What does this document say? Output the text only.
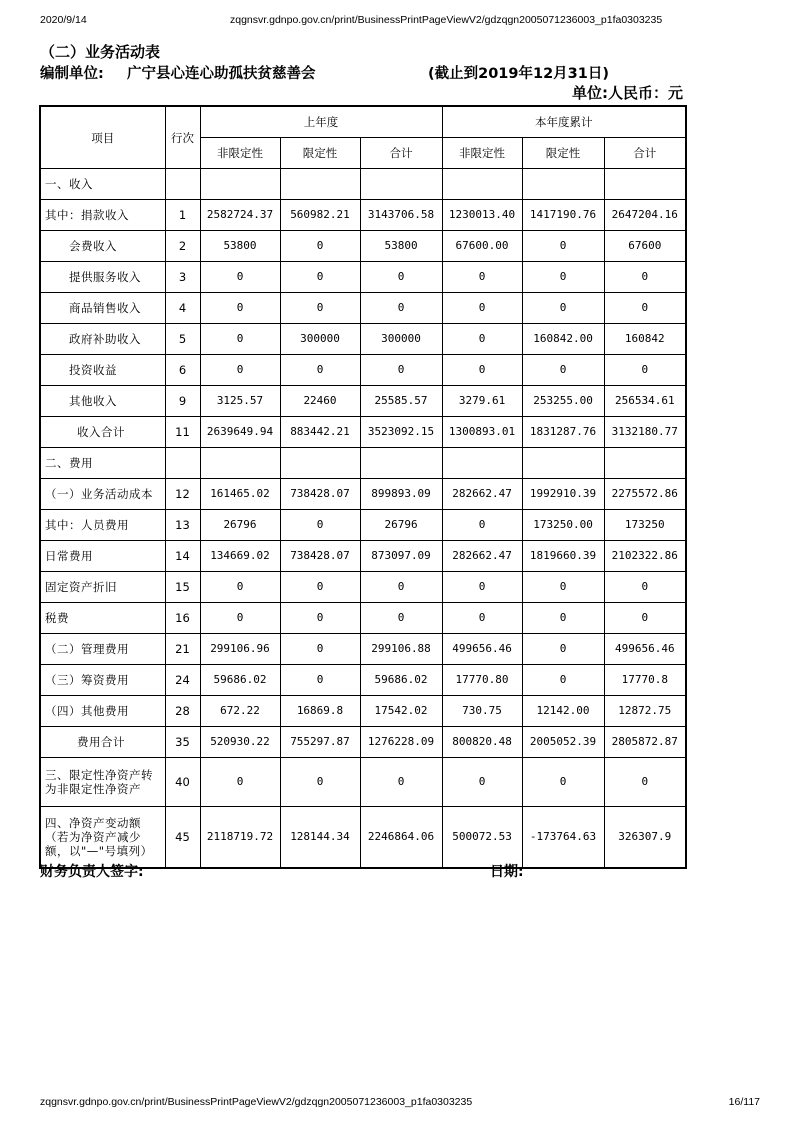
2020/9/14	zqgnsvr.gdnpo.gov.cn/print/BusinessPrintPageViewV2/gdzqgn2005071236003_p1fa0303235
（二）业务活动表
编制单位: 广宁县心连心助孤扶贫慈善会	(截止到2019年12月31日)
单位:人民币：元
项目	行次	上年度			本年度累计		
		非限定性	限定性	合计	非限定性	限定性	合计
一、收入							
其中：捐款收入	1	2582724.37	560982.21	3143706.58	1230013.40	1417190.76	2647204.16
会费收入	2	53800	0	53800	67600.00	0	67600
提供服务收入	3	0	0	0	0	0	0
商品销售收入	4	0	0	0	0	0	0
政府补助收入	5	0	300000	300000	0	160842.00	160842
投资收益	6	0	0	0	0	0	0
其他收入	9	3125.57	22460	25585.57	3279.61	253255.00	256534.61
收入合计	11	2639649.94	883442.21	3523092.15	1300893.01	1831287.76	3132180.77
二、费用							
（一）业务活动成本	12	161465.02	738428.07	899893.09	282662.47	1992910.39	2275572.86
其中：人员费用	13	26796	0	26796	0	173250.00	173250
日常费用	14	134669.02	738428.07	873097.09	282662.47	1819660.39	2102322.86
固定资产折旧	15	0	0	0	0	0	0
税费	16	0	0	0	0	0	0
（二）管理费用	21	299106.96	0	299106.88	499656.46	0	499656.46
（三）筹资费用	24	59686.02	0	59686.02	17770.80	0	17770.8
（四）其他费用	28	672.22	16869.8	17542.02	730.75	12142.00	12872.75
费用合计	35	520930.22	755297.87	1276228.09	800820.48	2005052.39	2805872.87
三、限定性净资产转为非限定性净资产	40	0	0	0	0	0	0
四、净资产变动额（若为净资产减少额，以"—"号填列）	45	2118719.72	128144.34	2246864.06	500072.53	-173764.63	326307.9
财务负责人签字:	日期:
zqgnsvr.gdnpo.gov.cn/print/BusinessPrintPageViewV2/gdzqgn2005071236003_p1fa0303235	16/117
